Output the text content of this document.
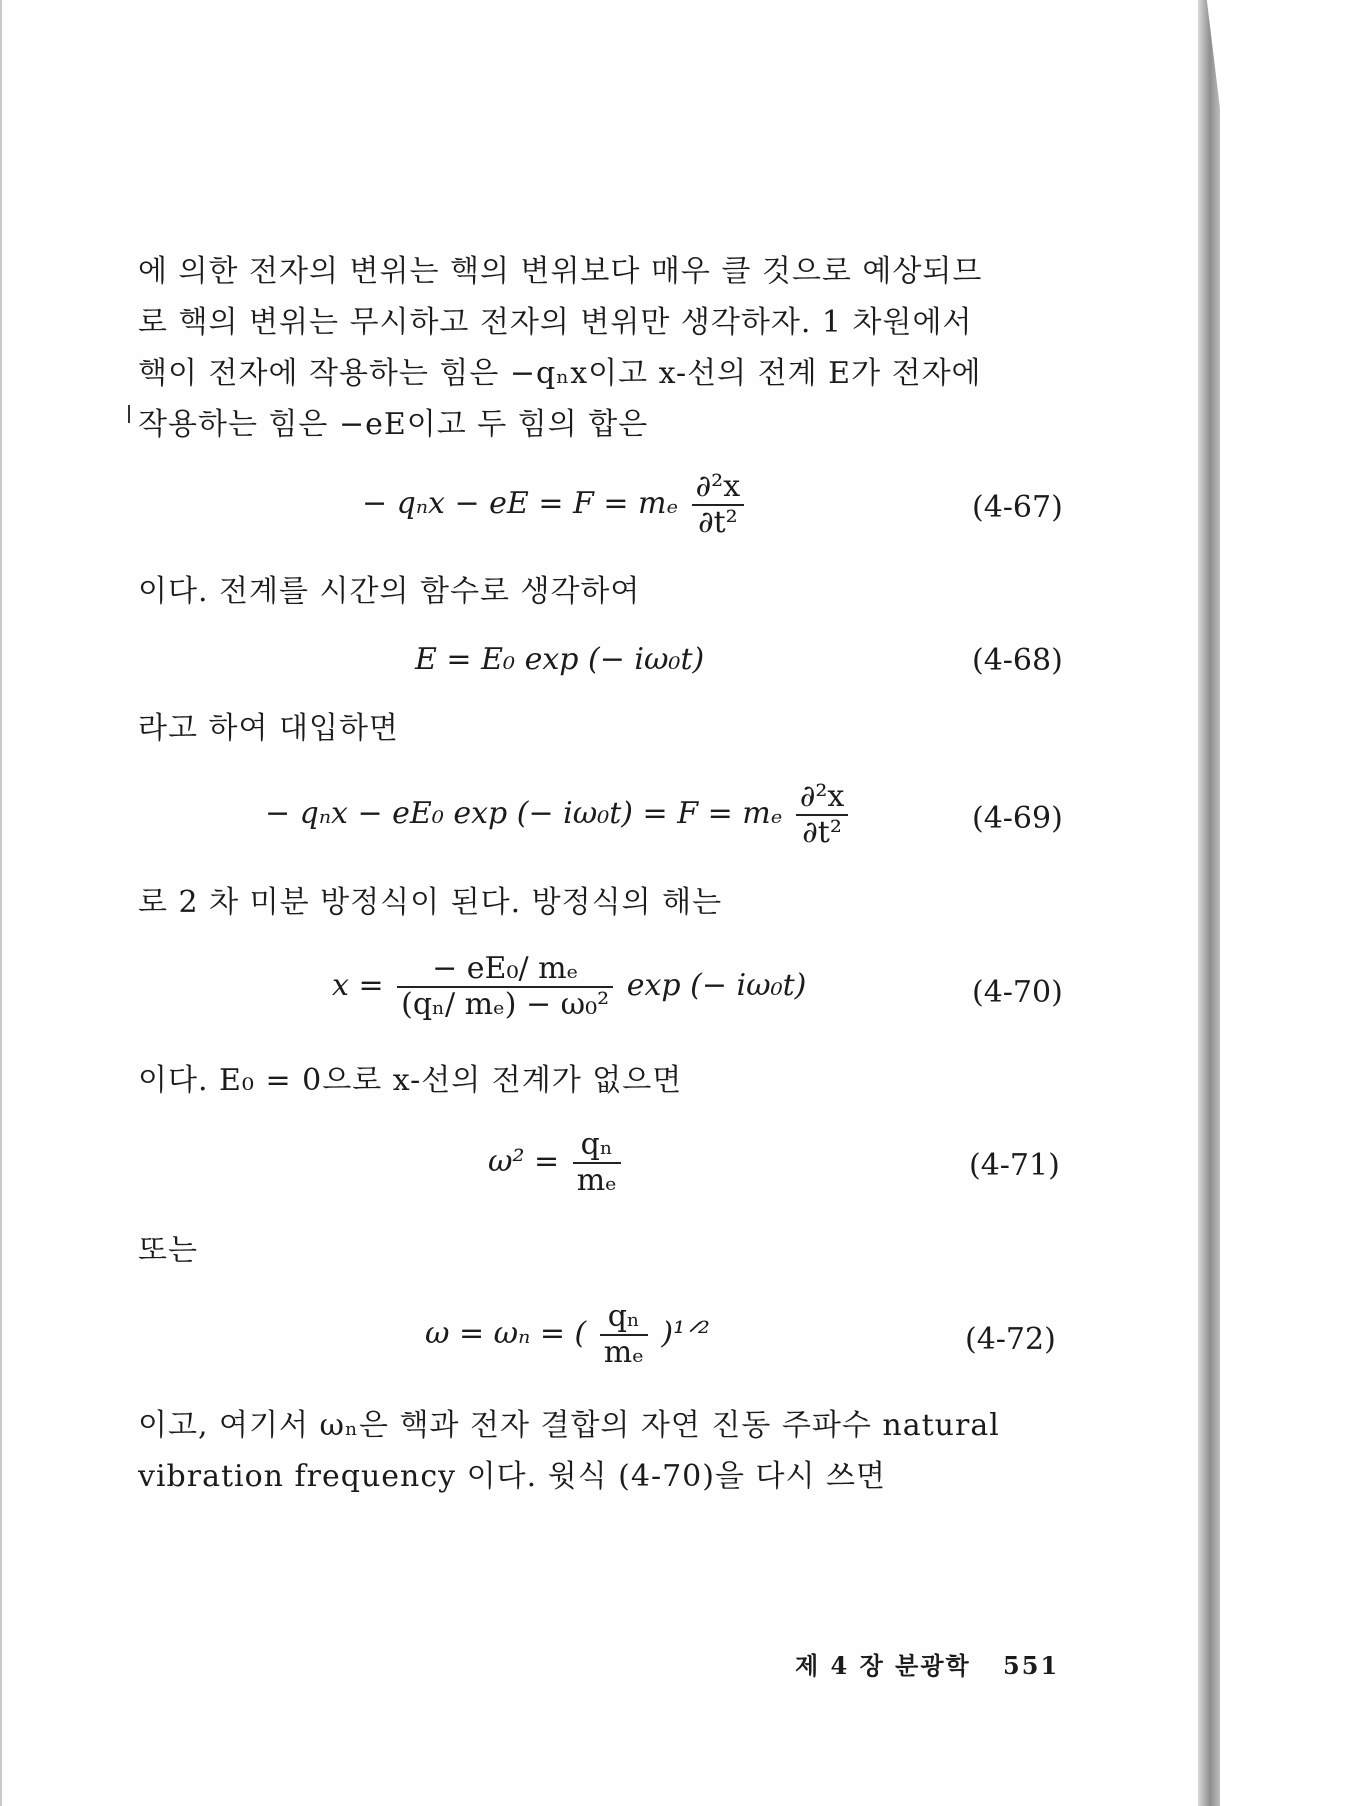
에 의한 전자의 변위는 핵의 변위보다 매우 클 것으로 예상되므
로 핵의 변위는 무시하고 전자의 변위만 생각하자. 1 차원에서
핵이 전자에 작용하는 힘은 −qₙx이고 x-선의 전계 E가 전자에
작용하는 힘은 −eE이고 두 힘의 합은
− qₙx − eE = F = mₑ $\frac{\text{∂²x}}{\text{∂t²}}$	(4-67)
이다. 전계를 시간의 함수로 생각하여
E = E₀ exp (− iω₀t)	(4-68)
라고 하여 대입하면
− qₙx − eE₀ exp (− iω₀t) = F = mₑ $\frac{\text{∂²x}}{\text{∂t²}}$	(4-69)
로 2 차 미분 방정식이 된다. 방정식의 해는
$x = \frac{\text{− eE₀/ mₑ}}{\text{(qₙ/ mₑ) − ω₀²}}$ exp (− iω₀t)	(4-70)
이다. E₀ = 0으로 x-선의 전계가 없으면
$\omega^2 = \frac{\text{qₙ}}{\text{mₑ}}$	(4-71)
또는
ω = ωₙ = ( $\frac{\text{qₙ}}{\text{mₑ}}$ )¹ᐟ²	(4-72)
이고, 여기서 ωₙ은 핵과 전자 결합의 자연 진동 주파수 natural
vibration frequency 이다. 윗식 (4-70)을 다시 쓰면
제 4 장 분광학 551
